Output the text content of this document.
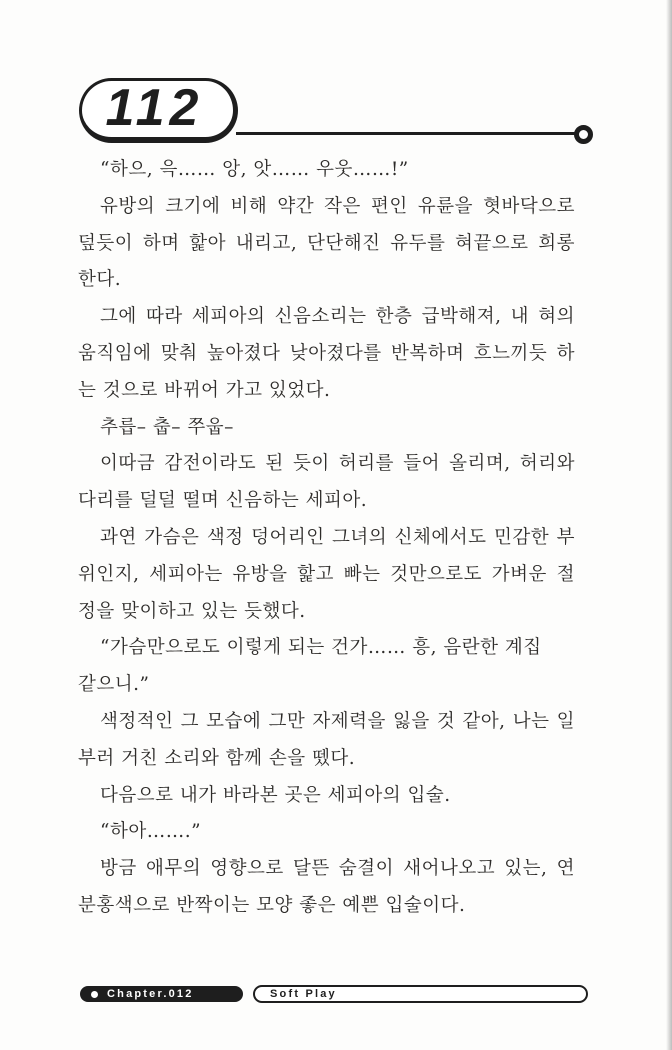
112
“하으, 윽…… 앙, 앗…… 우웃……!”
유방의 크기에 비해 약간 작은 편인 유륜을 혓바닥으로
덮듯이 하며 핥아 내리고, 단단해진 유두를 혀끝으로 희롱
한다.
그에 따라 세피아의 신음소리는 한층 급박해져, 내 혀의
움직임에 맞춰 높아졌다 낮아졌다를 반복하며 흐느끼듯 하
는 것으로 바뀌어 가고 있었다.
추릅– 춥– 쭈웁–
이따금 감전이라도 된 듯이 허리를 들어 올리며, 허리와
다리를 덜덜 떨며 신음하는 세피아.
과연 가슴은 색정 덩어리인 그녀의 신체에서도 민감한 부
위인지, 세피아는 유방을 핥고 빠는 것만으로도 가벼운 절
정을 맞이하고 있는 듯했다.
“가슴만으로도 이렇게 되는 건가…… 흥, 음란한 계집
같으니.”
색정적인 그 모습에 그만 자제력을 잃을 것 같아, 나는 일
부러 거친 소리와 함께 손을 뗐다.
다음으로 내가 바라본 곳은 세피아의 입술.
“하아…….”
방금 애무의 영향으로 달뜬 숨결이 새어나오고 있는, 연
분홍색으로 반짝이는 모양 좋은 예쁜 입술이다.
Chapter.012	Soft Play
